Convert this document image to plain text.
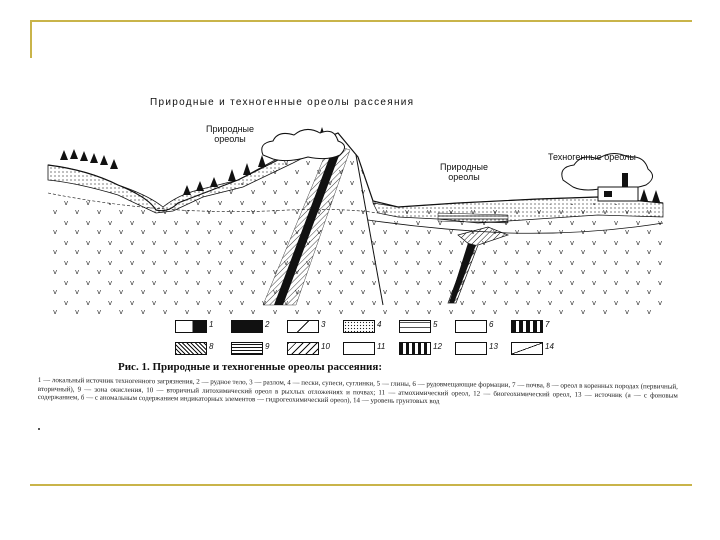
Природные и техногенные ореолы рассеяния
Природные
ореолы
Природные
ореолы
Техногенные ореолы
1	2	3	4	5	6	7
8	9	10	11	12	13	14
Рис. 1. Природные и техногенные ореолы рассеяния:
1 — локальный источник техногенного загрязнения, 2 — рудное тело, 3 — разлом, 4 — пески, супеси, суглинки, 5 — глины, 6 — рудовмещающие формации, 7 — почва, 8 — ореол в коренных породах (первичный, вторичный), 9 — зона окисления, 10 — вторичный литохимический ореол в рыхлых отложениях и почвах; 11 — атмохимический ореол, 12 — биогеохимический ореол, 13 — источник (а — с фоновым содержанием, б — с аномальным содержанием индикаторных элементов — гидрогеохимический ореол), 14 — уровень грунтовых вод
